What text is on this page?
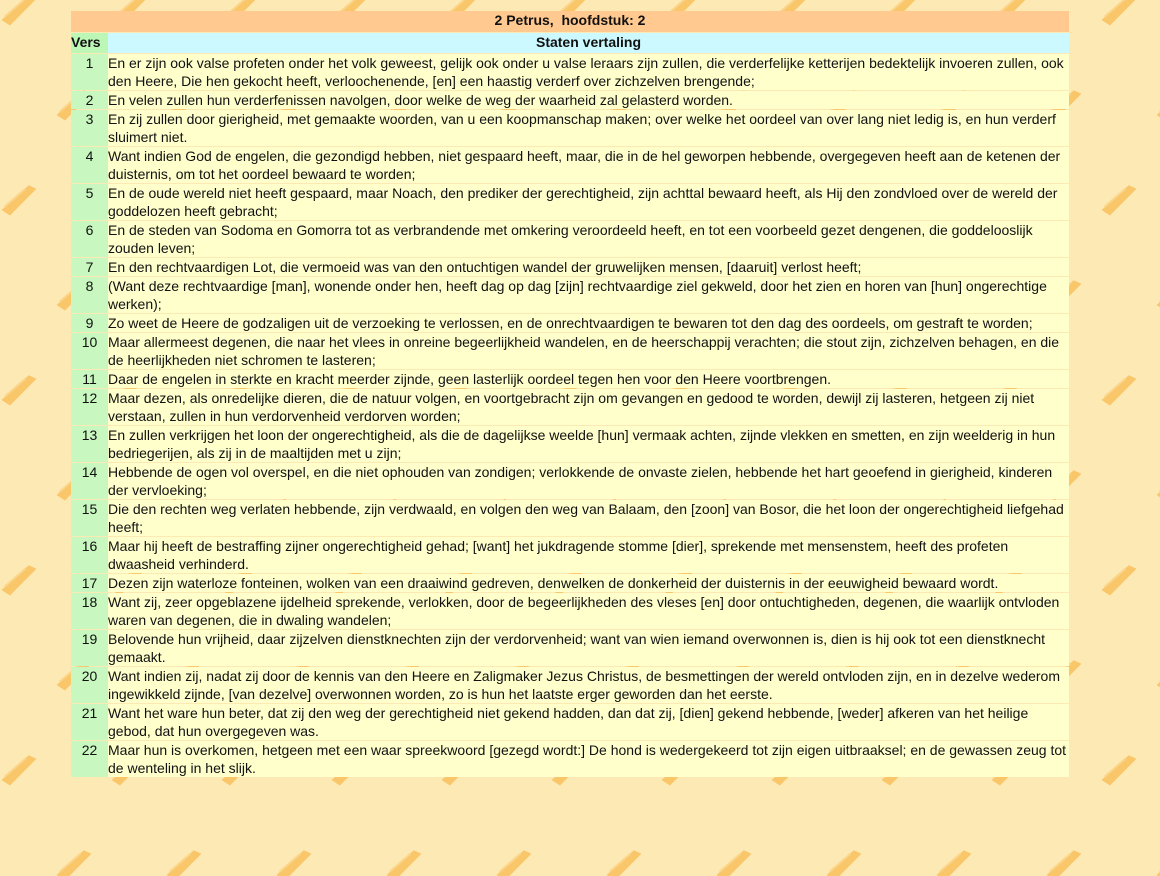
2 Petrus,  hoofdstuk: 2	
Vers	Staten vertaling
1	En er zijn ook valse profeten onder het volk geweest, gelijk ook onder u valse leraars zijn zullen, die verderfelijke ketterijen bedektelijk invoeren zullen, ook den Heere, Die hen gekocht heeft, verloochenende, [en] een haastig verderf over zichzelven brengende;
2	En velen zullen hun verderfenissen navolgen, door welke de weg der waarheid zal gelasterd worden.
3	En zij zullen door gierigheid, met gemaakte woorden, van u een koopmanschap maken; over welke het oordeel van over lang niet ledig is, en hun verderf sluimert niet.
4	Want indien God de engelen, die gezondigd hebben, niet gespaard heeft, maar, die in de hel geworpen hebbende, overgegeven heeft aan de ketenen der duisternis, om tot het oordeel bewaard te worden;
5	En de oude wereld niet heeft gespaard, maar Noach, den prediker der gerechtigheid, zijn achttal bewaard heeft, als Hij den zondvloed over de wereld der goddelozen heeft gebracht;
6	En de steden van Sodoma en Gomorra tot as verbrandende met omkering veroordeeld heeft, en tot een voorbeeld gezet dengenen, die goddeloos​lijk zouden leven;
7	En den rechtvaardigen Lot, die vermoeid was van den ontuchtigen wandel der gruwelijken mensen, [daaruit] verlost heeft;
8	(Want deze rechtvaardige [man], wonende onder hen, heeft dag op dag [zijn] rechtvaardige ziel gekweld, door het zien en horen van [hun] ongerechtige werken);
9	Zo weet de Heere de godzaligen uit de verzoeking te verlossen, en de onrechtvaardigen te bewaren tot den dag des oordeels, om gestraft te worden;
10	Maar allermeest degenen, die naar het vlees in onreine begeerlijkheid wandelen, en de heerschappij verachten; die stout zijn, zichzelven behagen, en die de heerlijkheden niet schromen te lasteren;
11	Daar de engelen in sterkte en kracht meerder zijnde, geen lasterlijk oordeel tegen hen voor den Heere voortbrengen.
12	Maar dezen, als onredelijke dieren, die de natuur volgen, en voortgebracht zijn om gevangen en gedood te worden, dewijl zij lasteren, hetgeen zij niet verstaan, zullen in hun verdorvenheid verdorven worden;
13	En zullen verkrijgen het loon der ongerechtigheid, als die de dagelijkse weelde [hun] vermaak achten, zijnde vlekken en smetten, en zijn weelderig in hun bedriegerijen, als zij in de maaltijden met u zijn;
14	Hebbende de ogen vol overspel, en die niet ophouden van zondigen; verlokkende de onvaste zielen, hebbende het hart geoefend in gierigheid, kinderen der vervloeking;
15	Die den rechten weg verlaten hebbende, zijn verdwaald, en volgen den weg van Balaam, den [zoon] van Bosor, die het loon der ongerechtigheid liefgehad heeft;
16	Maar hij heeft de bestraffing zijner ongerechtigheid gehad; [want] het jukdragende stomme [dier], sprekende met mensenstem, heeft des profeten dwaasheid verhinderd.
17	Dezen zijn waterloze fonteinen, wolken van een draaiwind gedreven, denwelken de donkerheid der duisternis in der eeuwigheid bewaard wordt.
18	Want zij, zeer opgeblazene ijdelheid sprekende, verlokken, door de begeerlijkheden des vleses [en] door ontuchtigheden, degenen, die waarlijk ontvloden waren van degenen, die in dwaling wandelen;
19	Belovende hun vrijheid, daar zijzelven dienstknechten zijn der verdorvenheid; want van wien iemand overwonnen is, dien is hij ook tot een dienstknecht gemaakt.
20	Want indien zij, nadat zij door de kennis van den Heere en Zaligmaker Jezus Christus, de besmettingen der wereld ontvloden zijn, en in dezelve wederom ingewikkeld zijnde, [van dezelve] overwonnen worden, zo is hun het laatste erger geworden dan het eerste.
21	Want het ware hun beter, dat zij den weg der gerechtigheid niet gekend hadden, dan dat zij, [dien] gekend hebbende, [weder] afkeren van het heilige gebod, dat hun overgegeven was.
22	Maar hun is overkomen, hetgeen met een waar spreekwoord [gezegd wordt:] De hond is wedergekeerd tot zijn eigen uitbraaksel; en de gewassen zeug tot de wenteling in het slijk.
